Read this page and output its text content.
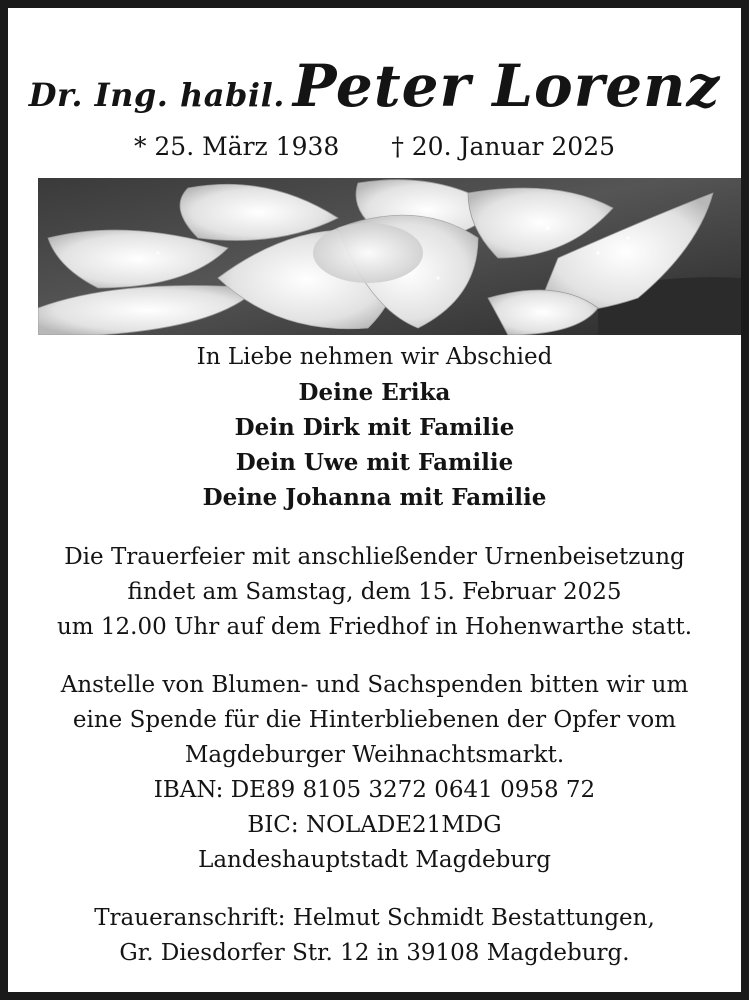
Dr. Ing. habil. Peter Lorenz
* 25. März 1938 † 20. Januar 2025
In Liebe nehmen wir Abschied
Deine Erika
Dein Dirk mit Familie
Dein Uwe mit Familie
Deine Johanna mit Familie
Die Trauerfeier mit anschließender Urnenbeisetzung
findet am Samstag, dem 15. Februar 2025
um 12.00 Uhr auf dem Friedhof in Hohenwarthe statt.
Anstelle von Blumen- und Sachspenden bitten wir um
eine Spende für die Hinterbliebenen der Opfer vom
Magdeburger Weihnachtsmarkt.
IBAN: DE89 8105 3272 0641 0958 72
BIC: NOLADE21MDG
Landeshauptstadt Magdeburg
Traueranschrift: Helmut Schmidt Bestattungen,
Gr. Diesdorfer Str. 12 in 39108 Magdeburg.
